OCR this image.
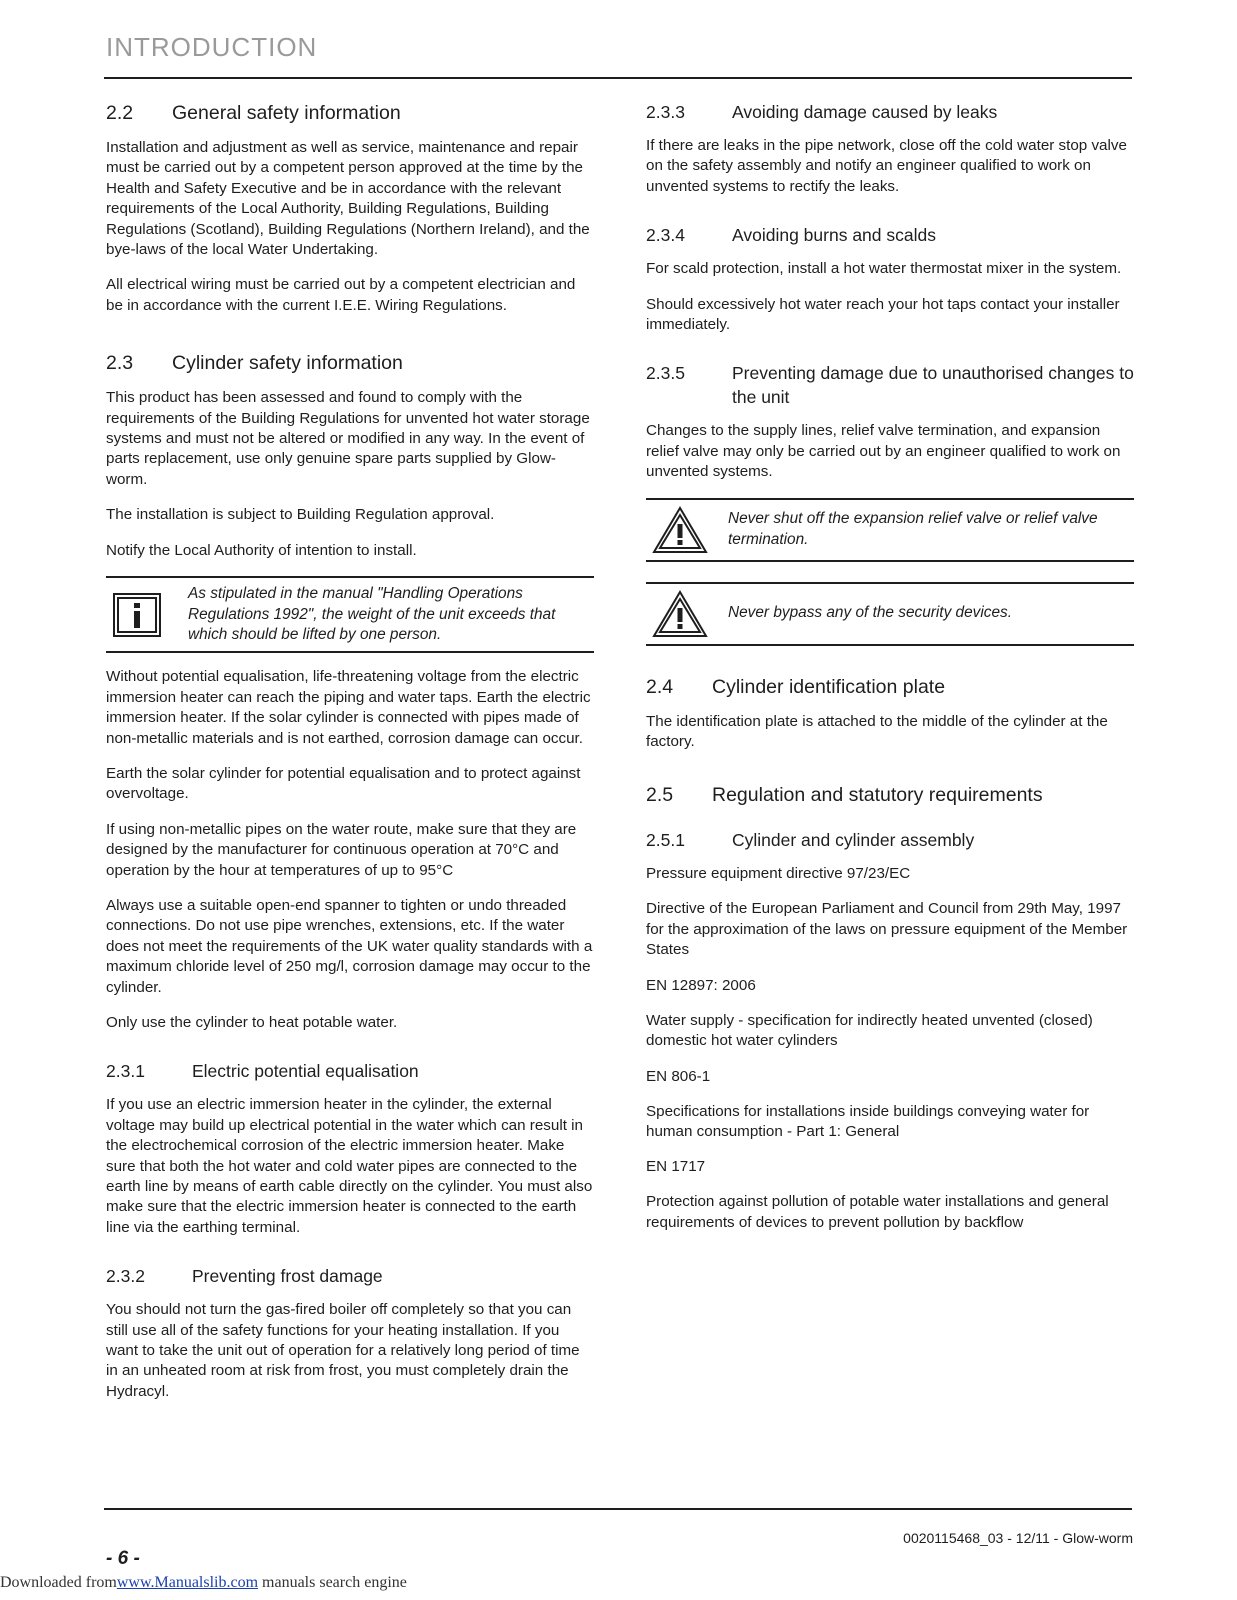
INTRODUCTION
2.2	General safety information

Installation and adjustment as well as service, maintenance and repair must be carried out by a competent person approved at the time by the Health and Safety Executive and be in accordance with the relevant requirements of the Local Authority, Building Regulations, Building Regulations (Scotland), Building Regulations (Northern Ireland), and the bye-laws of the local Water Undertaking.

All electrical wiring must be carried out by a competent electrician and be in accordance with the current I.E.E. Wiring Regulations.

2.3	Cylinder safety information

This product has been assessed and found to comply with the requirements of the Building Regulations for unvented hot water storage systems and must not be altered or modified in any way. In the event of parts replacement, use only genuine spare parts supplied by Glow-worm.

The installation is subject to Building Regulation approval.

Notify the Local Authority of intention to install.

As stipulated in the manual "Handling Operations Regulations 1992", the weight of the unit exceeds that which should be lifted by one person.

Without potential equalisation, life-threatening voltage from the electric immersion heater can reach the piping and water taps. Earth the electric immersion heater. If the solar cylinder is connected with pipes made of non-metallic materials and is not earthed, corrosion damage can occur.

Earth the solar cylinder for potential equalisation and to protect against overvoltage.

If using non-metallic pipes on the water route, make sure that they are designed by the manufacturer for continuous operation at 70°C and operation by the hour at temperatures of up to 95°C

Always use a suitable open-end spanner to tighten or undo threaded connections. Do not use pipe wrenches, extensions, etc. If the water does not meet the requirements of the UK water quality standards with a maximum chloride level of 250 mg/l, corrosion damage may occur to the cylinder.

Only use the cylinder to heat potable water.

2.3.1	Electric potential equalisation

If you use an electric immersion heater in the cylinder, the external voltage may build up electrical potential in the water which can result in the electrochemical corrosion of the electric immersion heater. Make sure that both the hot water and cold water pipes are connected to the earth line by means of earth cable directly on the cylinder. You must also make sure that the electric immersion heater is connected to the earth line via the earthing terminal.

2.3.2	Preventing frost damage

You should not turn the gas-fired boiler off completely so that you can still use all of the safety functions for your heating installation. If you want to take the unit out of operation for a relatively long period of time in an unheated room at risk from frost, you must completely drain the Hydracyl.

2.3.3	Avoiding damage caused by leaks

If there are leaks in the pipe network, close off the cold water stop valve on the safety assembly and notify an engineer qualified to work on unvented systems to rectify the leaks.

2.3.4	Avoiding burns and scalds

For scald protection, install a hot water thermostat mixer in the system.

Should excessively hot water reach your hot taps contact your installer immediately.

2.3.5	Preventing damage due to unauthorised changes to the unit

Changes to the supply lines, relief valve termination, and expansion relief valve may only be carried out by an engineer qualified to work on unvented systems.

Never shut off the expansion relief valve or relief valve termination.
Never bypass any of the security devices.
2.4	Cylinder identification plate

The identification plate is attached to the middle of the cylinder at the factory.

2.5	Regulation and statutory requirements
2.5.1	Cylinder and cylinder assembly
Pressure equipment directive 97/23/EC

Directive of the European Parliament and Council from 29th May, 1997 for the approximation of the laws on pressure equipment of the Member States

EN 12897: 2006

Water supply - specification for indirectly heated unvented (closed) domestic hot water cylinders

EN 806-1

Specifications for installations inside buildings conveying water for human consumption - Part 1: General

EN 1717

Protection against pollution of potable water installations and general requirements of devices to prevent pollution by backflow

0020115468_03 - 12/11 - Glow-worm
- 6 -
Downloaded fromwww.Manualslib.com manuals search engine
